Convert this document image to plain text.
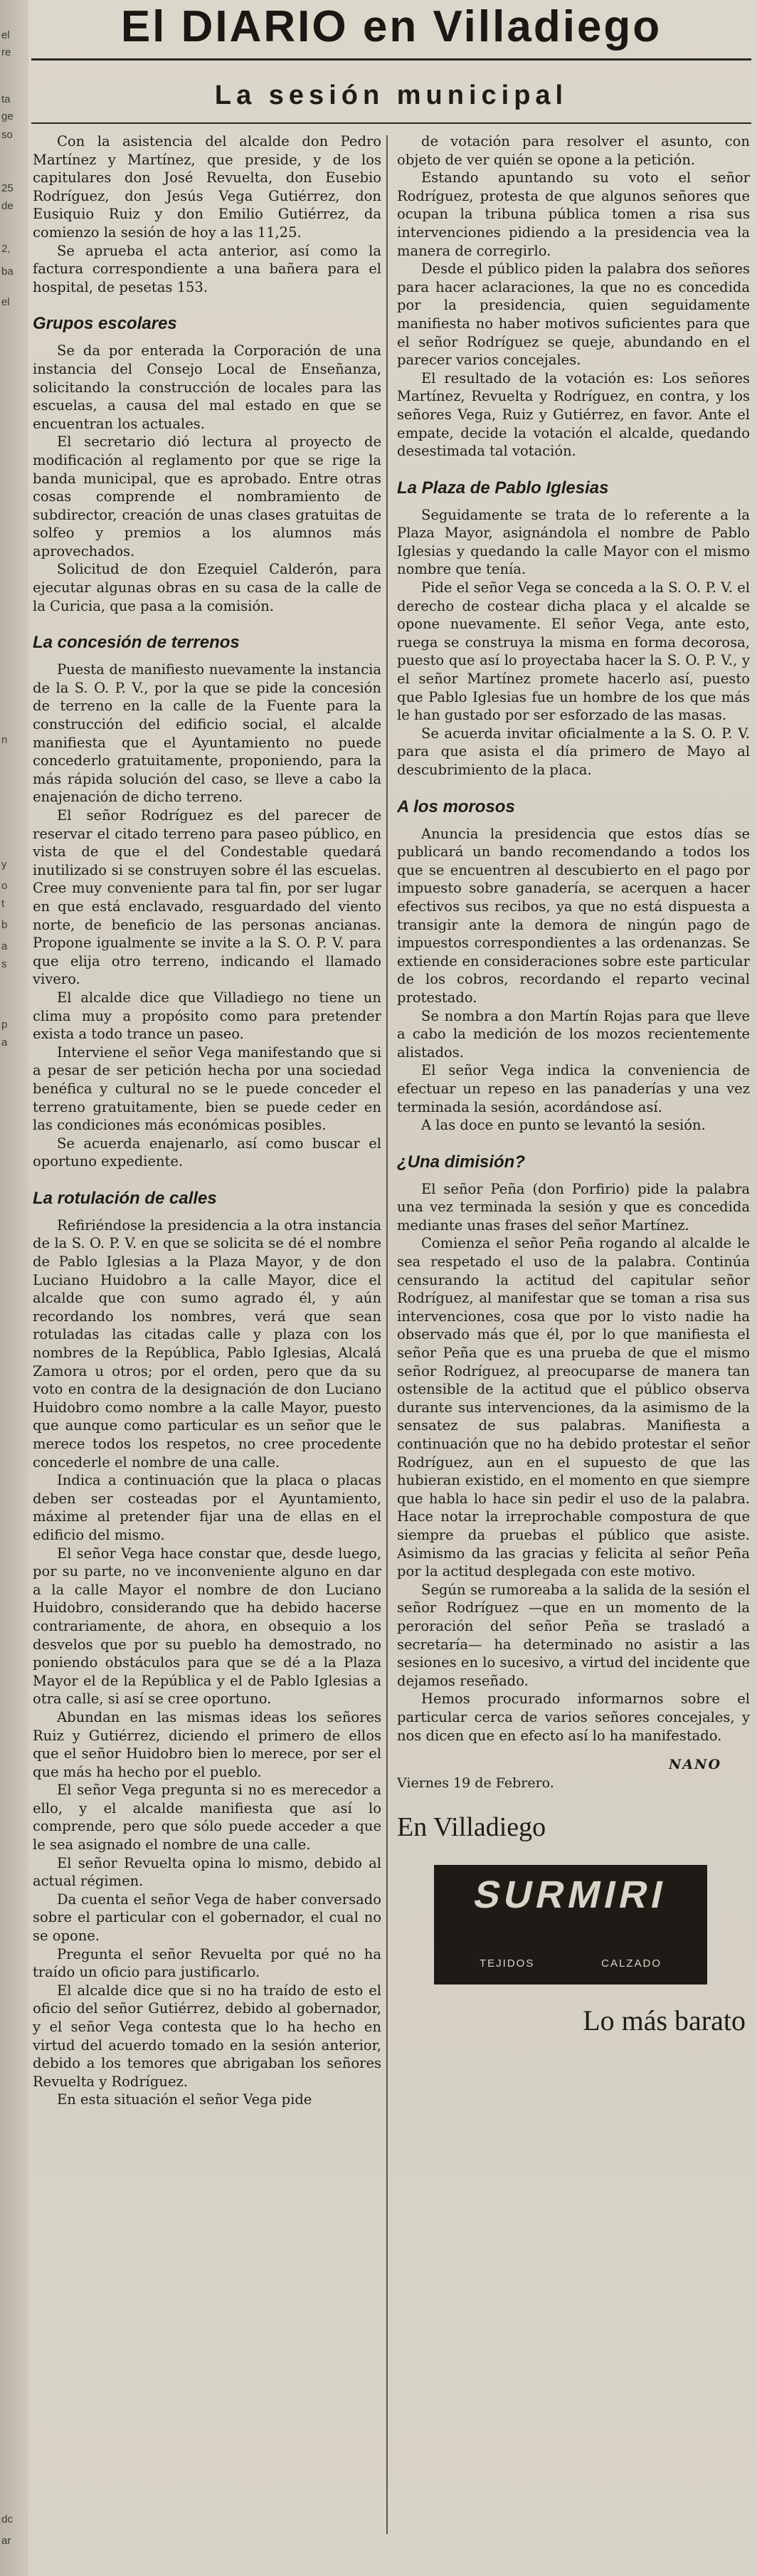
el
re
ta
ge
so
25
de
2,
ba
el
n
y
o
t
b
a
s
p
a
dc
ar
El DIARIO en Villadiego
La sesión municipal

Con la asistencia del alcalde don Pedro Martínez y Martínez, que preside, y de los capitulares don José Revuelta, don Eusebio Rodríguez, don Jesús Vega Gutiérrez, don Eusiquio Ruiz y don Emilio Gutiérrez, da comienzo la sesión de hoy a las 11,25.

Se aprueba el acta anterior, así como la factura correspondiente a una bañera para el hospital, de pesetas 153.

Grupos escolares

Se da por enterada la Corporación de una instancia del Consejo Local de Enseñanza, solicitando la construcción de locales para las escuelas, a causa del mal estado en que se encuentran los actuales.

El secretario dió lectura al proyecto de modificación al reglamento por que se rige la banda municipal, que es aprobado. Entre otras cosas comprende el nombramiento de subdirector, creación de unas clases gratuitas de solfeo y premios a los alumnos más aprovechados.

Solicitud de don Ezequiel Calderón, para ejecutar algunas obras en su casa de la calle de la Curicia, que pasa a la comisión.

La concesión de terrenos

Puesta de manifiesto nuevamente la instancia de la S. O. P. V., por la que se pide la concesión de terreno en la calle de la Fuente para la construcción del edificio social, el alcalde manifiesta que el Ayuntamiento no puede concederlo gratuitamente, proponiendo, para la más rápida solución del caso, se lleve a cabo la enajenación de dicho terreno.

El señor Rodríguez es del parecer de reservar el citado terreno para paseo público, en vista de que el del Condestable quedará inutilizado si se construyen sobre él las escuelas. Cree muy conveniente para tal fin, por ser lugar en que está enclavado, resguardado del viento norte, de beneficio de las personas ancianas. Propone igualmente se invite a la S. O. P. V. para que elija otro terreno, indicando el llamado vivero.

El alcalde dice que Villadiego no tiene un clima muy a propósito como para pretender exista a todo trance un paseo.

Interviene el señor Vega manifestando que si a pesar de ser petición hecha por una sociedad benéfica y cultural no se le puede conceder el terreno gratuitamente, bien se puede ceder en las condiciones más económicas posibles.

Se acuerda enajenarlo, así como buscar el oportuno expediente.

La rotulación de calles

Refiriéndose la presidencia a la otra instancia de la S. O. P. V. en que se solicita se dé el nombre de Pablo Iglesias a la Plaza Mayor, y de don Luciano Huidobro a la calle Mayor, dice el alcalde que con sumo agrado él, y aún recordando los nombres, verá que sean rotuladas las citadas calle y plaza con los nombres de la República, Pablo Iglesias, Alcalá Zamora u otros; por el orden, pero que da su voto en contra de la designación de don Luciano Huidobro como nombre a la calle Mayor, puesto que aunque como particular es un señor que le merece todos los respetos, no cree procedente concederle el nombre de una calle.

Indica a continuación que la placa o placas deben ser costeadas por el Ayuntamiento, máxime al pretender fijar una de ellas en el edificio del mismo.

El señor Vega hace constar que, desde luego, por su parte, no ve inconveniente alguno en dar a la calle Mayor el nombre de don Luciano Huidobro, considerando que ha debido hacerse contrariamente, de ahora, en obsequio a los desvelos que por su pueblo ha demostrado, no poniendo obstáculos para que se dé a la Plaza Mayor el de la República y el de Pablo Iglesias a otra calle, si así se cree oportuno.

Abundan en las mismas ideas los señores Ruiz y Gutiérrez, diciendo el primero de ellos que el señor Huidobro bien lo merece, por ser el que más ha hecho por el pueblo.

El señor Vega pregunta si no es merecedor a ello, y el alcalde manifiesta que así lo comprende, pero que sólo puede acceder a que le sea asignado el nombre de una calle.

El señor Revuelta opina lo mismo, debido al actual régimen.

Da cuenta el señor Vega de haber conversado sobre el particular con el gobernador, el cual no se opone.

Pregunta el señor Revuelta por qué no ha traído un oficio para justificarlo.

El alcalde dice que si no ha traído de esto el oficio del señor Gutiérrez, debido al gobernador, y el señor Vega contesta que lo ha hecho en virtud del acuerdo tomado en la sesión anterior, debido a los temores que abrigaban los señores Revuelta y Rodríguez.

En esta situación el señor Vega pide

de votación para resolver el asunto, con objeto de ver quién se opone a la petición.

Estando apuntando su voto el señor Rodríguez, protesta de que algunos señores que ocupan la tribuna pública tomen a risa sus intervenciones pidiendo a la presidencia vea la manera de corregirlo.

Desde el público piden la palabra dos señores para hacer aclaraciones, la que no es concedida por la presidencia, quien seguidamente manifiesta no haber motivos suficientes para que el señor Rodríguez se queje, abundando en el parecer varios concejales.

El resultado de la votación es: Los señores Martínez, Revuelta y Rodríguez, en contra, y los señores Vega, Ruiz y Gutiérrez, en favor. Ante el empate, decide la votación el alcalde, quedando desestimada tal votación.

La Plaza de Pablo Iglesias

Seguidamente se trata de lo referente a la Plaza Mayor, asignándola el nombre de Pablo Iglesias y quedando la calle Mayor con el mismo nombre que tenía.

Pide el señor Vega se conceda a la S. O. P. V. el derecho de costear dicha placa y el alcalde se opone nuevamente. El señor Vega, ante esto, ruega se construya la misma en forma decorosa, puesto que así lo proyectaba hacer la S. O. P. V., y el señor Martínez promete hacerlo así, puesto que Pablo Iglesias fue un hombre de los que más le han gustado por ser esforzado de las masas.

Se acuerda invitar oficialmente a la S. O. P. V. para que asista el día primero de Mayo al descubrimiento de la placa.

A los morosos

Anuncia la presidencia que estos días se publicará un bando recomendando a todos los que se encuentren al descubierto en el pago por impuesto sobre ganadería, se acerquen a hacer efectivos sus recibos, ya que no está dispuesta a transigir ante la demora de ningún pago de impuestos correspondientes a las ordenanzas. Se extiende en consideraciones sobre este particular de los cobros, recordando el reparto vecinal protestado.

Se nombra a don Martín Rojas para que lleve a cabo la medición de los mozos recientemente alistados.

El señor Vega indica la conveniencia de efectuar un repeso en las panaderías y una vez terminada la sesión, acordándose así.

A las doce en punto se levantó la sesión.

¿Una dimisión?

El señor Peña (don Porfirio) pide la palabra una vez terminada la sesión y que es concedida mediante unas frases del señor Martínez.

Comienza el señor Peña rogando al alcalde le sea respetado el uso de la palabra. Continúa censurando la actitud del capitular señor Rodríguez, al manifestar que se toman a risa sus intervenciones, cosa que por lo visto nadie ha observado más que él, por lo que manifiesta el señor Peña que es una prueba de que el mismo señor Rodríguez, al preocuparse de manera tan ostensible de la actitud que el público observa durante sus intervenciones, da la asimismo de la sensatez de sus palabras. Manifiesta a continuación que no ha debido protestar el señor Rodríguez, aun en el supuesto de que las hubieran existido, en el momento en que siempre que habla lo hace sin pedir el uso de la palabra. Hace notar la irreprochable compostura de que siempre da pruebas el público que asiste. Asimismo da las gracias y felicita al señor Peña por la actitud desplegada con este motivo.

Según se rumoreaba a la salida de la sesión el señor Rodríguez —que en un momento de la peroración del señor Peña se trasladó a secretaría— ha determinado no asistir a las sesiones en lo sucesivo, a virtud del incidente que dejamos reseñado.

Hemos procurado informarnos sobre el particular cerca de varios señores concejales, y nos dicen que en efecto así lo ha manifestado.

NANO

Viernes 19 de Febrero.

En Villadiego
SURMIRI
TEJIDOS	CALZADO
Lo más barato
